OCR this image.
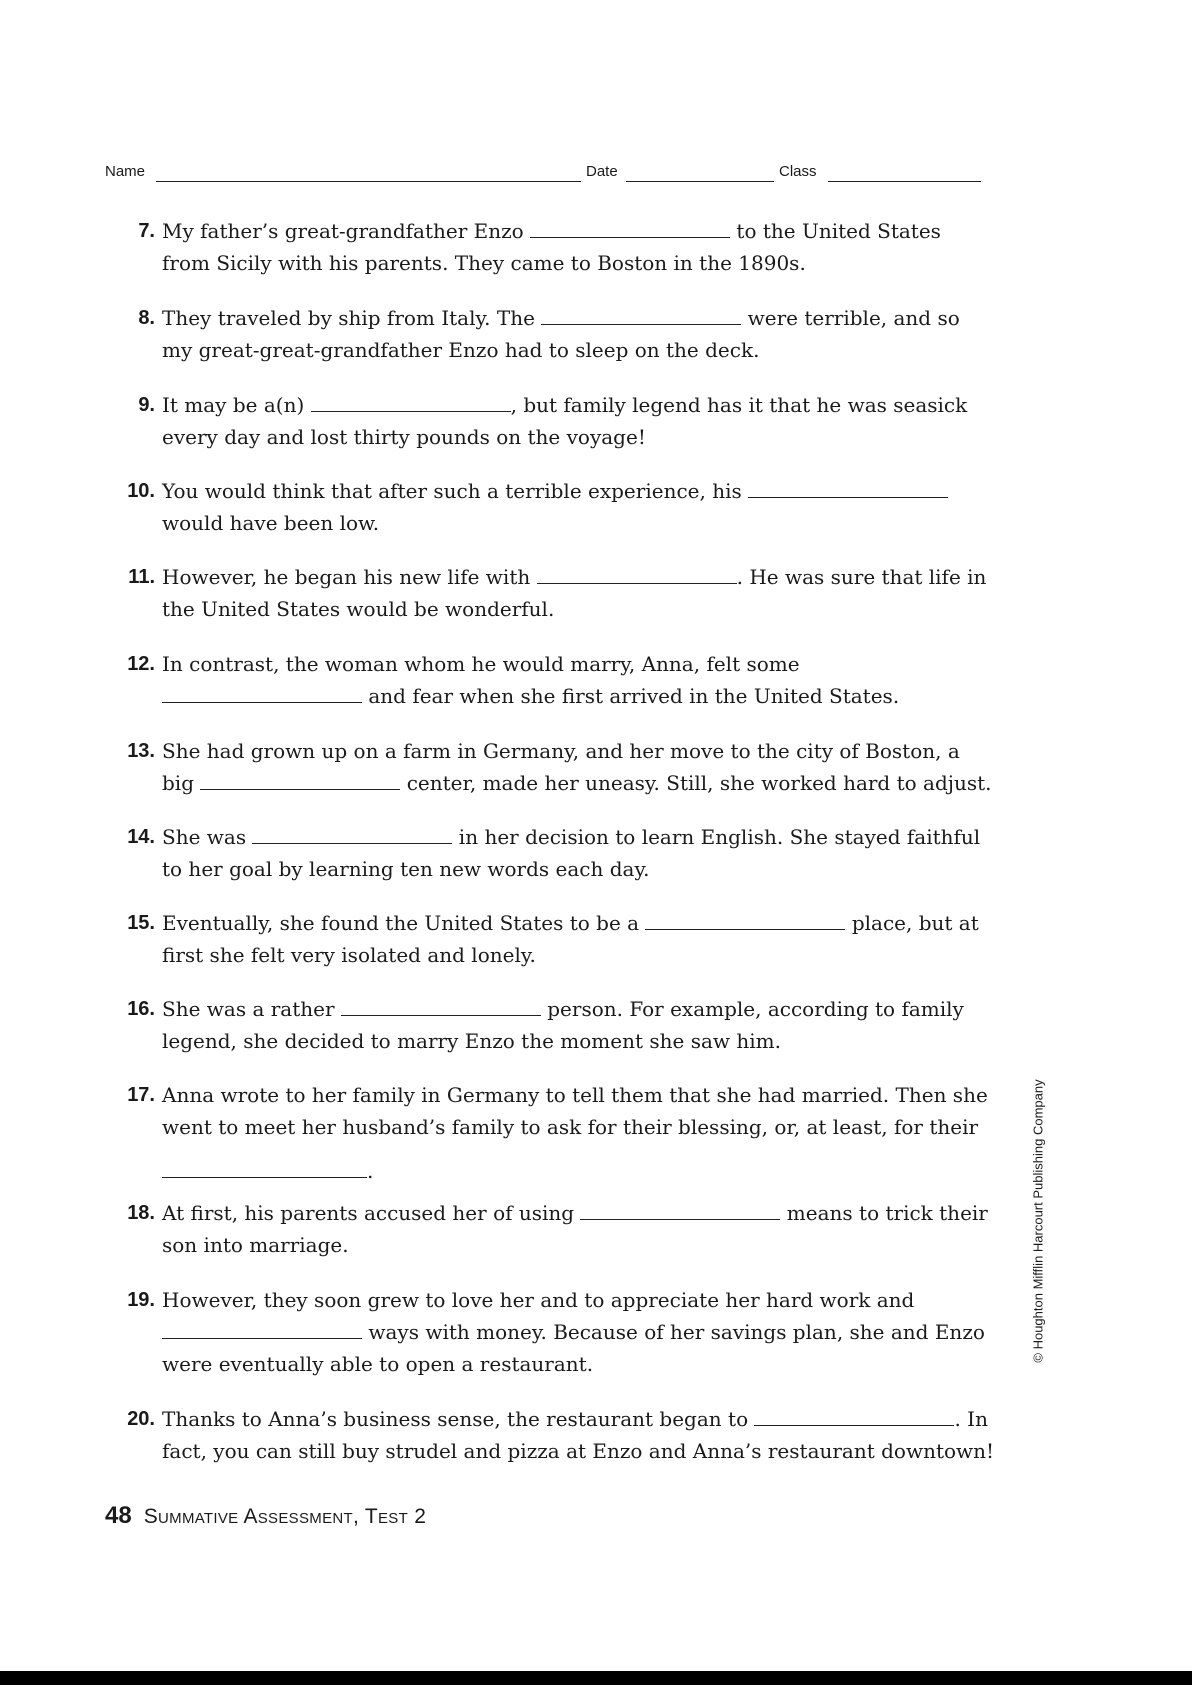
Name	Date	Class
7. My father’s great-grandfather Enzo	to the United States from Sicily with his parents. They came to Boston in the 1890s.
8. They traveled by ship from Italy. The	were terrible, and so my great-great-grandfather Enzo had to sleep on the deck.
9. It may be a(n)	, but family legend has it that he was seasick every day and lost thirty pounds on the voyage!
10. You would think that after such a terrible experience, his  would have been low.
11. However, he began his new life with	. He was sure that life in the United States would be wonderful.
12. In contrast, the woman whom he would marry, Anna, felt some  and fear when she first arrived in the United States.
13. She had grown up on a farm in Germany, and her move to the city of Boston, a big	center, made her uneasy. Still, she worked hard to adjust.
14. She was	in her decision to learn English. She stayed faithful to her goal by learning ten new words each day.
15. Eventually, she found the United States to be a	place, but at first she felt very isolated and lonely.
16. She was a rather	person. For example, according to family legend, she decided to marry Enzo the moment she saw him.
17. Anna wrote to her family in Germany to tell them that she had married. Then she went to meet her husband’s family to ask for their blessing, or, at least, for their
.
18. At first, his parents accused her of using	means to trick their son into marriage.
19. However, they soon grew to love her and to appreciate her hard work and  ways with money. Because of her savings plan, she and Enzo were eventually able to open a restaurant.
20. Thanks to Anna’s business sense, the restaurant began to	. In fact, you can still buy strudel and pizza at Enzo and Anna’s restaurant downtown!
48 Summative Assessment, Test 2
© Houghton Mifflin Harcourt Publishing Company
